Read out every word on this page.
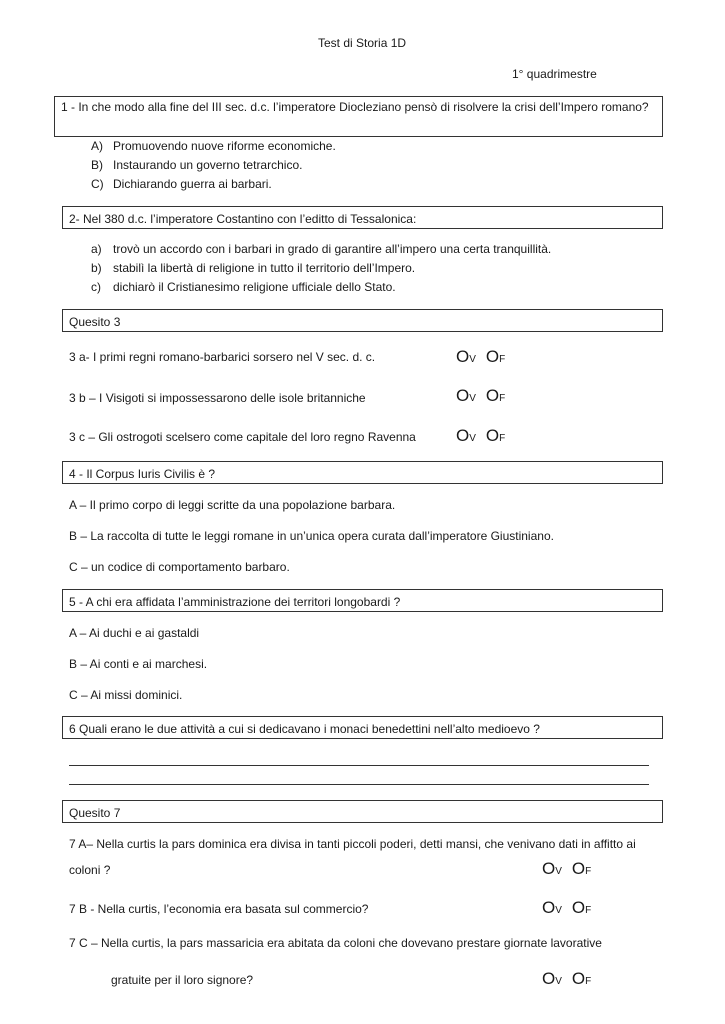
Test di Storia 1D
1° quadrimestre
1 - In che modo alla fine del III sec. d.c. l’imperatore Diocleziano pensò di risolvere la crisi dell’Impero romano?
A) Promuovendo nuove riforme economiche.
B) Instaurando un governo tetrarchico.
C) Dichiarando guerra ai barbari.
2- Nel 380 d.c. l’imperatore Costantino con l’editto di Tessalonica:
a) trovò un accordo con i barbari in grado di garantire all’impero una certa tranquillità.
b) stabilì la libertà di religione in tutto il territorio dell’Impero.
c) dichiarò il Cristianesimo religione ufficiale dello Stato.
Quesito 3
3 a- I primi regni romano-barbarici sorsero nel V sec. d. c.	OV OF
3 b – I Visigoti si impossessarono delle isole britanniche	OV OF
3 c – Gli ostrogoti scelsero come capitale del loro regno Ravenna OV OF
4 - Il Corpus Iuris Civilis è ?
A – Il primo corpo di leggi scritte da una popolazione barbara.
B – La raccolta di tutte le leggi romane in un’unica opera curata dall’imperatore Giustiniano.
C – un codice di comportamento barbaro.
5 - A chi era affidata l’amministrazione dei territori longobardi ?
A – Ai duchi e ai gastaldi
B – Ai conti e ai marchesi.
C – Ai missi dominici.
6 Quali erano le due attività a cui si dedicavano i monaci benedettini nell’alto medioevo ?
Quesito 7
7 A– Nella curtis la pars dominica era divisa in tanti piccoli poderi, detti mansi, che venivano dati in affitto ai
coloni ?	OV OF
7 B - Nella curtis, l’economia era basata sul commercio?	OV OF
7 C – Nella curtis, la pars massaricia era abitata da coloni che dovevano prestare giornate lavorative
gratuite per il loro signore?	OV OF
